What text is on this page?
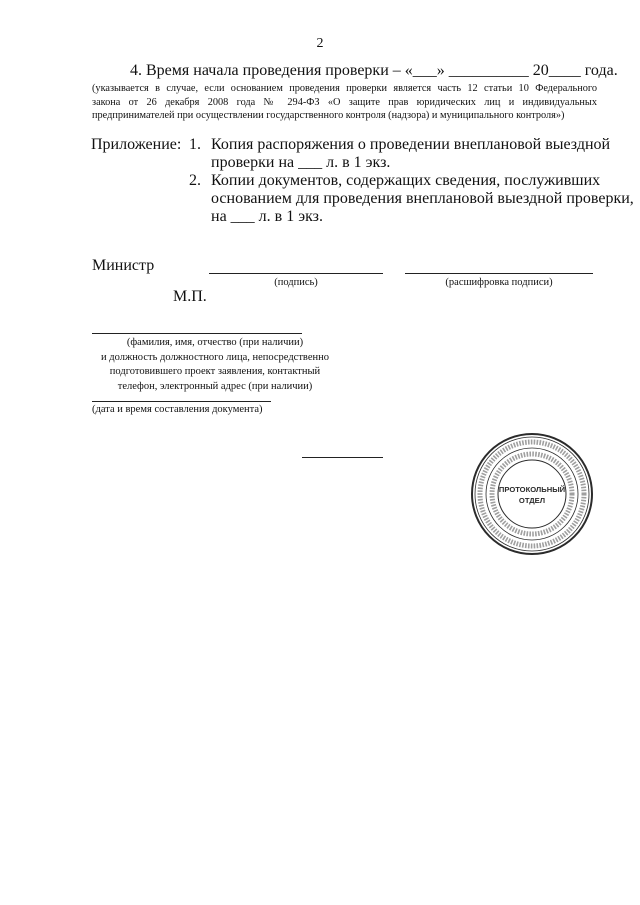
2
4. Время начала проведения проверки – «___» __________ 20____ года.
(указывается в случае, если основанием проведения проверки является часть 12 статьи 10 Федерального
закона от 26 декабря 2008 года № 294-ФЗ «О защите прав юридических лиц и индивидуальных
предпринимателей при осуществлении государственного контроля (надзора) и муниципального контроля»)
Приложение: 1. Копия распоряжения о проведении внеплановой выездной
проверки на ___ л. в 1 экз.
2. Копии документов, содержащих сведения, послуживших
основанием для проведения внеплановой выездной проверки,
на ___ л. в 1 экз.
Министр
(подпись)	(расшифровка подписи)
М.П.
(фамилия, имя, отчество (при наличии)
и должность должностного лица, непосредственно
подготовившего проект заявления, контактный
телефон, электронный адрес (при наличии)
(дата и время составления документа)
ПРОТОКОЛЬНЫЙ
ОТДЕЛ
